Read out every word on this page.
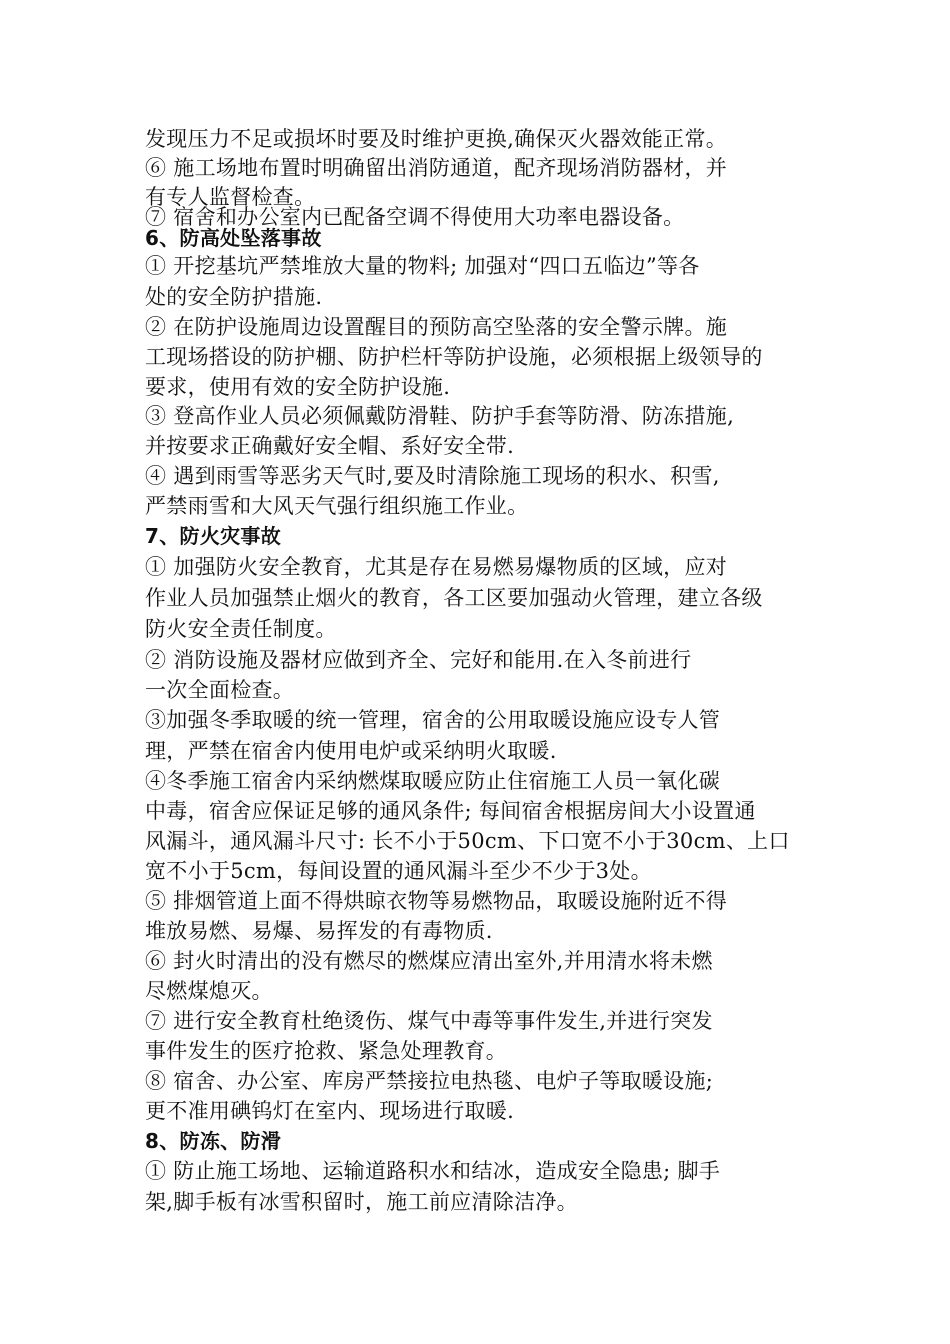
发现压力不足或损坏时要及时维护更换,确保灭火器效能正常。
⑥ 施工场地布置时明确留出消防通道，配齐现场消防器材，并
有专人监督检查。
⑦ 宿舍和办公室内已配备空调不得使用大功率电器设备。
6、防高处坠落事故
① 开挖基坑严禁堆放大量的物料; 加强对“四口五临边”等各
处的安全防护措施.
② 在防护设施周边设置醒目的预防高空坠落的安全警示牌。施
工现场搭设的防护棚、防护栏杆等防护设施，必须根据上级领导的
要求，使用有效的安全防护设施.
③ 登高作业人员必须佩戴防滑鞋、防护手套等防滑、防冻措施,
并按要求正确戴好安全帽、系好安全带.
④ 遇到雨雪等恶劣天气时,要及时清除施工现场的积水、积雪,
严禁雨雪和大风天气强行组织施工作业。
7、防火灾事故
① 加强防火安全教育，尤其是存在易燃易爆物质的区域，应对
作业人员加强禁止烟火的教育，各工区要加强动火管理，建立各级
防火安全责任制度。
② 消防设施及器材应做到齐全、完好和能用.在入冬前进行
一次全面检查。
③加强冬季取暖的统一管理，宿舍的公用取暖设施应设专人管
理，严禁在宿舍内使用电炉或采纳明火取暖.
④冬季施工宿舍内采纳燃煤取暖应防止住宿施工人员一氧化碳
中毒，宿舍应保证足够的通风条件; 每间宿舍根据房间大小设置通
风漏斗，通风漏斗尺寸: 长不小于50cm、下口宽不小于30cm、上口
宽不小于5cm，每间设置的通风漏斗至少不少于3处。
⑤ 排烟管道上面不得烘晾衣物等易燃物品，取暖设施附近不得
堆放易燃、易爆、易挥发的有毒物质.
⑥ 封火时清出的没有燃尽的燃煤应清出室外,并用清水将未燃
尽燃煤熄灭。
⑦ 进行安全教育杜绝烫伤、煤气中毒等事件发生,并进行突发
事件发生的医疗抢救、紧急处理教育。
⑧ 宿舍、办公室、库房严禁接拉电热毯、电炉子等取暖设施;
更不准用碘钨灯在室内、现场进行取暖.
8、防冻、防滑
① 防止施工场地、运输道路积水和结冰，造成安全隐患; 脚手
架,脚手板有冰雪积留时，施工前应清除洁净。
